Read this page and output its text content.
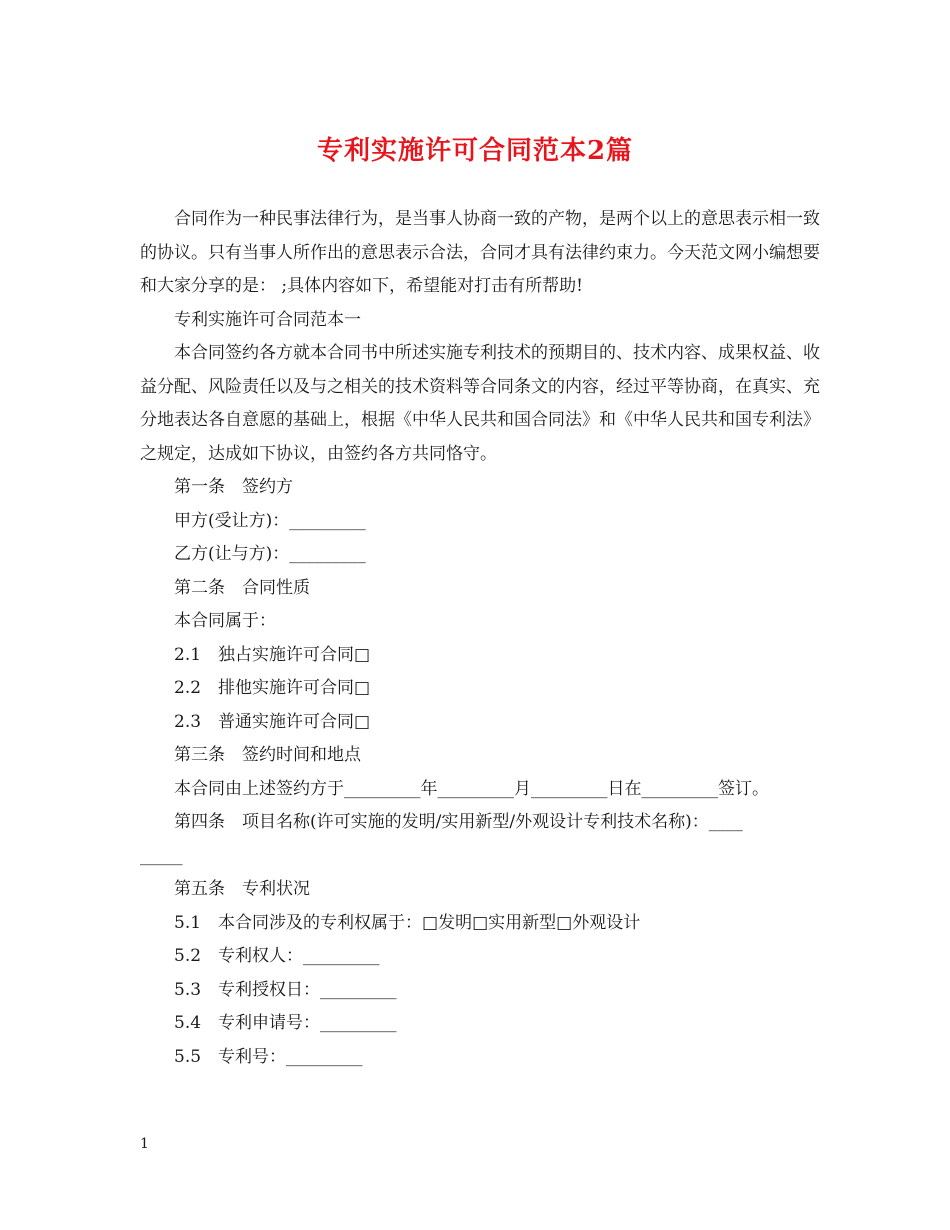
专利实施许可合同范本2篇

合同作为一种民事法律行为，是当事人协商一致的产物，是两个以上的意思表示相一致的协议。只有当事人所作出的意思表示合法，合同才具有法律约束力。今天范文网小编想要和大家分享的是： ;具体内容如下，希望能对打击有所帮助!

专利实施许可合同范本一

本合同签约各方就本合同书中所述实施专利技术的预期目的、技术内容、成果权益、收益分配、风险责任以及与之相关的技术资料等合同条文的内容，经过平等协商，在真实、充分地表达各自意愿的基础上，根据《中华人民共和国合同法》和《中华人民共和国专利法》之规定，达成如下协议，由签约各方共同恪守。

第一条　签约方

甲方(受让方)：_________

乙方(让与方)：_________

第二条　合同性质

本合同属于：

2.1　独占实施许可合同□

2.2　排他实施许可合同□

2.3　普通实施许可合同□

第三条　签约时间和地点

本合同由上述签约方于_________年_________月_________日在_________签订。

第四条　项目名称(许可实施的发明/实用新型/外观设计专利技术名称)：____

_____

第五条　专利状况

5.1　本合同涉及的专利权属于：□发明□实用新型□外观设计

5.2　专利权人：_________

5.3　专利授权日：_________

5.4　专利申请号：_________

5.5　专利号：_________

1
